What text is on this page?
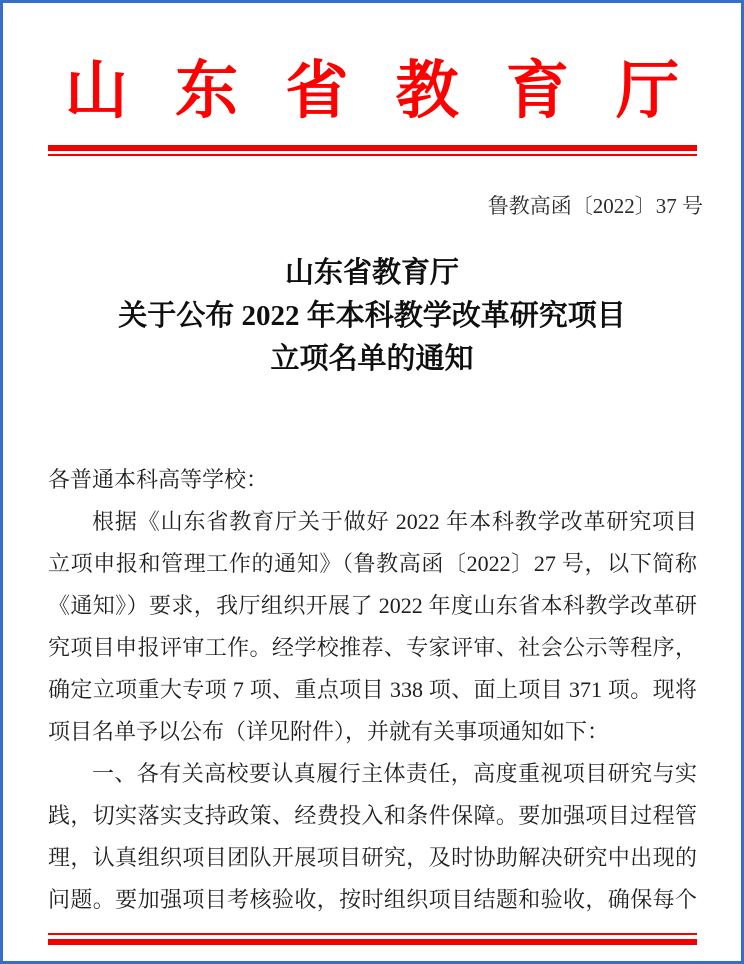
山东省教育厅
鲁教高函〔2022〕37 号
山东省教育厅
关于公布 2022 年本科教学改革研究项目
立项名单的通知
各普通本科高等学校：
根据《山东省教育厅关于做好 2022 年本科教学改革研究项目
立项申报和管理工作的通知》（鲁教高函〔2022〕27 号，以下简称
《通知》）要求，我厅组织开展了 2022 年度山东省本科教学改革研
究项目申报评审工作。经学校推荐、专家评审、社会公示等程序，
确定立项重大专项 7 项、重点项目 338 项、面上项目 371 项。现将
项目名单予以公布（详见附件），并就有关事项通知如下：
一、各有关高校要认真履行主体责任，高度重视项目研究与实
践，切实落实支持政策、经费投入和条件保障。要加强项目过程管
理，认真组织项目团队开展项目研究，及时协助解决研究中出现的
问题。要加强项目考核验收，按时组织项目结题和验收，确保每个
